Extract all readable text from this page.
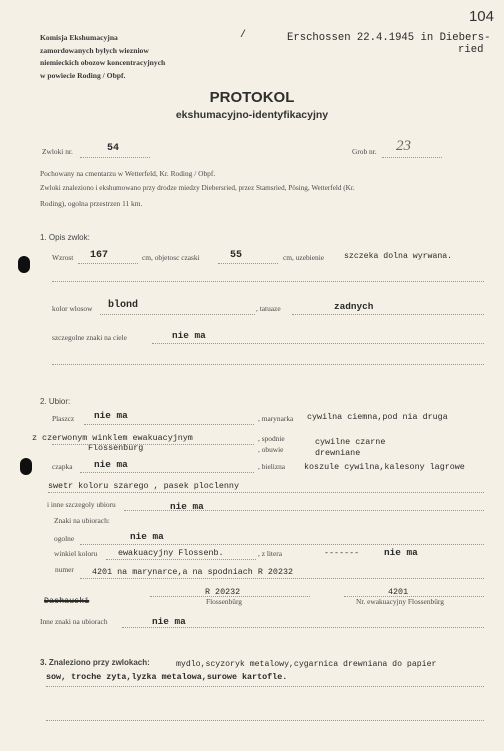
104
Komisja Ekshumacyjna
zamordowanych bylych wiezniow
niemieckich obozow koncentracyjnych
w powiecie Roding / Obpf.
/	Erschossen 22.4.1945 in Diebers-
ried
PROTOKOL
ekshumacyjno-identyfikacyjny
Zwloki nr.	54	Grob nr. 23
Pochowany na cmentarzu w Wetterfeld, Kr. Roding / Obpf.
Zwloki znaleziono i ekshumowano przy drodze miedzy Diebersried, przez Stamsried, Pösing, Wetterfeld (Kr.
Roding), ogolna przestrzen 11 km.
1. Opis zwlok:
Wzrost 167	cm, objetosc czaski	55	cm, uzebienie szczeka dolna wyrwana.
kolor wlosow blond	, tatuaze	zadnych
szczegolne znaki na ciele	nie ma
2. Ubior:
Plaszcz nie ma	, marynarka cywilna ciemna,pod nia druga
z czerwonym winklem ewakuacyjnym
Flossenbürg
, spodnie	cywilne czarne
, obuwie	drewniane
czapka nie ma	, bielizna koszule cywilna,kalesony lagrowe
swetr koloru szarego , pasek ploclenny
i inne szczegoly ubioru	nie ma
Znaki na ubiorach:
ogolne	nie ma
winkiel koloru ewakuacyjny Flossenb.	, z litera	-------	nie ma
numer 4201 na marynarce,a na spodniach R 20232
Dachauski
R 20232
Flossenbürg
4201
Nr. ewakuacyjny Flossenbürg
Inne znaki na ubiorach	nie ma
3. Znaleziono przy zwlokach:	mydlo,scyzoryk metalowy,cygarnica drewniana do papier
sow, troche zyta,lyzka metalowa,surowe kartofle.
